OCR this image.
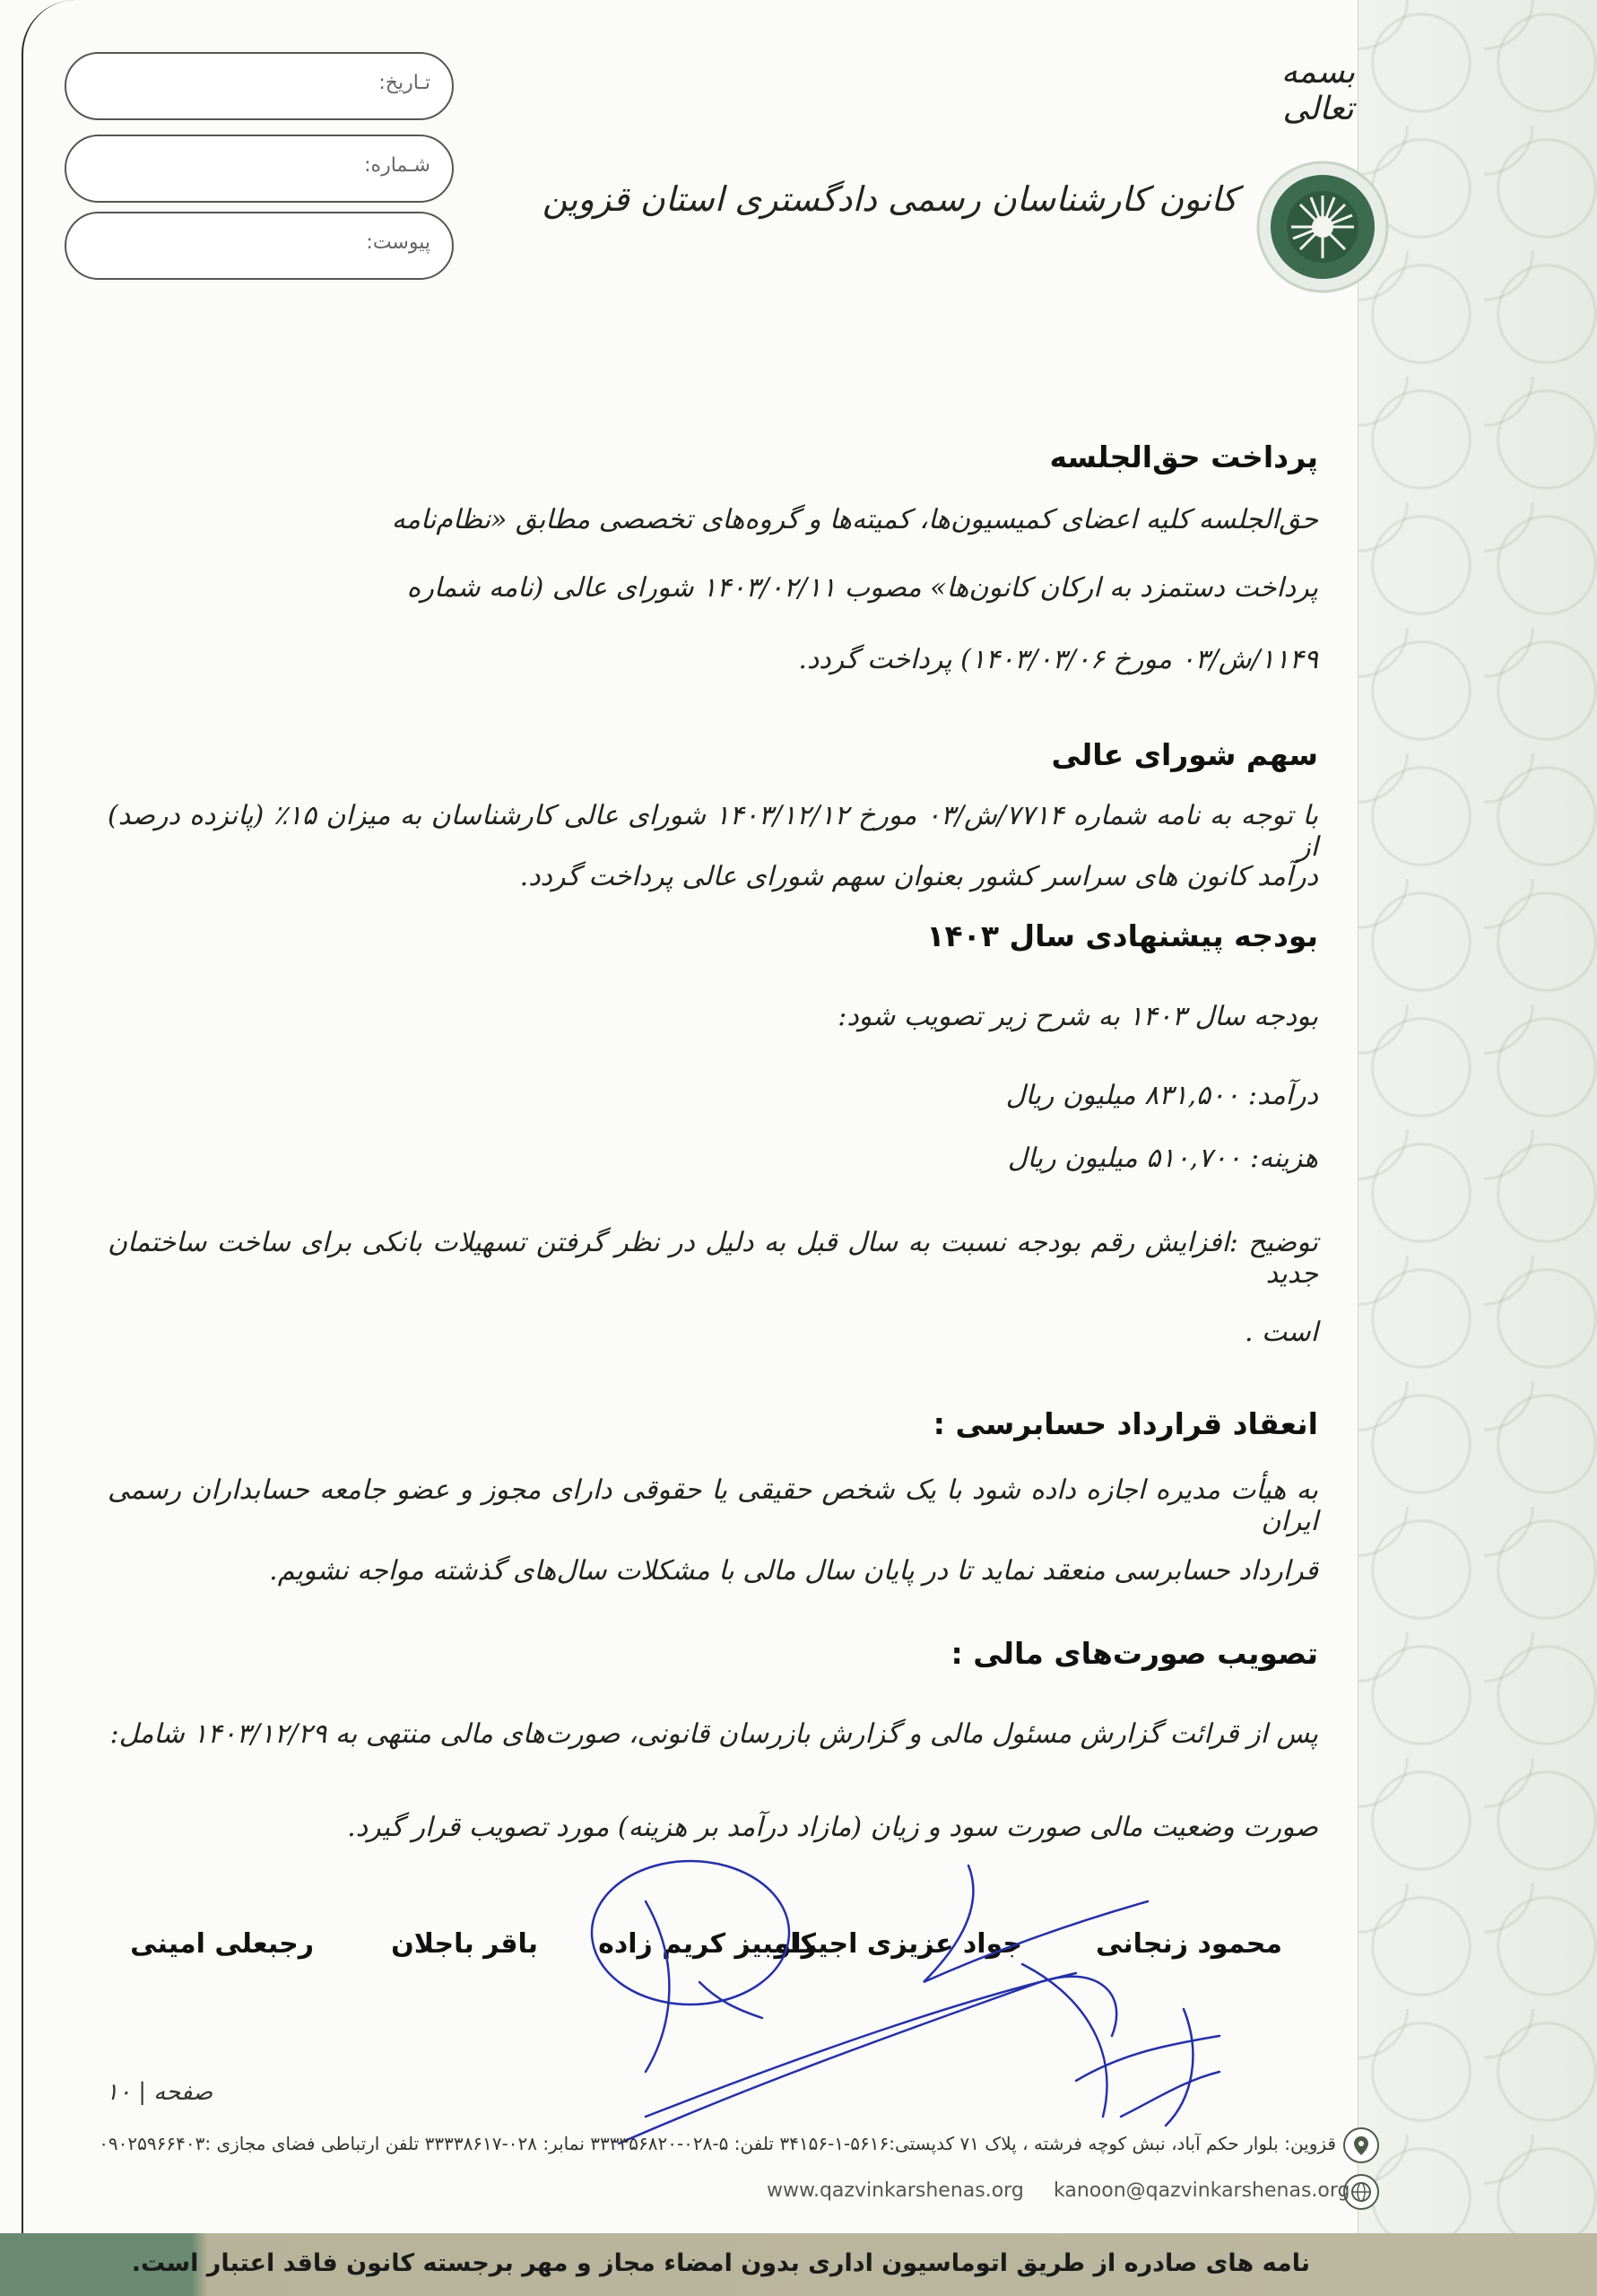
تـاریخ:
شـماره:
پیوست:
بسمه تعالی
کانون کارشناسان رسمی دادگستری استان قزوین
پرداخت حق‌الجلسه

حق‌الجلسه کلیه اعضای کمیسیون‌ها، کمیته‌ها و گروه‌های تخصصی مطابق «نظام‌نامه

پرداخت دستمزد به ارکان کانون‌ها» مصوب ۱۴۰۳/۰۲/۱۱ شورای عالی (نامه شماره

۱۱۴۹/ش/۰۳ مورخ ۱۴۰۳/۰۳/۰۶) پرداخت گردد.

سهم شورای عالی

با توجه به نامه شماره ۷۷۱۴/ش/۰۳ مورخ ۱۴۰۳/۱۲/۱۲ شورای عالی کارشناسان به میزان ۱۵٪ (پانزده درصد) از

درآمد کانون های سراسر کشور بعنوان سهم شورای عالی پرداخت گردد.

بودجه پیشنهادی سال ۱۴۰۳

بودجه سال ۱۴۰۳ به شرح زیر تصویب شود:

درآمد: ۸۳۱,۵۰۰ میلیون ریال

هزینه: ۵۱۰,۷۰۰ میلیون ریال

توضیح :افزایش رقم بودجه نسبت به سال قبل به دلیل در نظر گرفتن تسهیلات بانکی برای ساخت ساختمان جدید

است .

انعقاد قرارداد حسابرسی :

به هیأت مدیره اجازه داده شود با یک شخص حقیقی یا حقوقی دارای مجوز و عضو جامعه حسابداران رسمی ایران

قرارداد حسابرسی منعقد نماید تا در پایان سال مالی با مشکلات سال‌های گذشته مواجه نشویم.

تصویب صورت‌های مالی :

پس از قرائت گزارش مسئول مالی و گزارش بازرسان قانونی، صورت‌های مالی منتهی به ۱۴۰۳/۱۲/۲۹ شامل:

صورت وضعیت مالی صورت سود و زیان (مازاد درآمد بر هزینه) مورد تصویب قرار گیرد.

محمود زنجانی
جواد عزیزی اجیرلو
کامبیز کریم زاده
باقر باجلان
رجبعلی امینی
صفحه | ۱۰
قزوین: بلوار حکم آباد، نبش کوچه فرشته ، پلاک ۷۱ کدپستی:۵۶۱۶-۱-۳۴۱۵۶ تلفن: ۵-۰۲۸-۳۳۳۳۵۶۸۲۰ نمابر: ۰۲۸-۳۳۳۳۸۶۱۷ تلفن ارتباطی فضای مجازی :۰۹۰۲۵۹۶۶۴۰۳
www.qazvinkarshenas.org kanoon@qazvinkarshenas.org
نامه های صادره از طریق اتوماسیون اداری بدون امضاء مجاز و مهر برجسته کانون فاقد اعتبار است.
